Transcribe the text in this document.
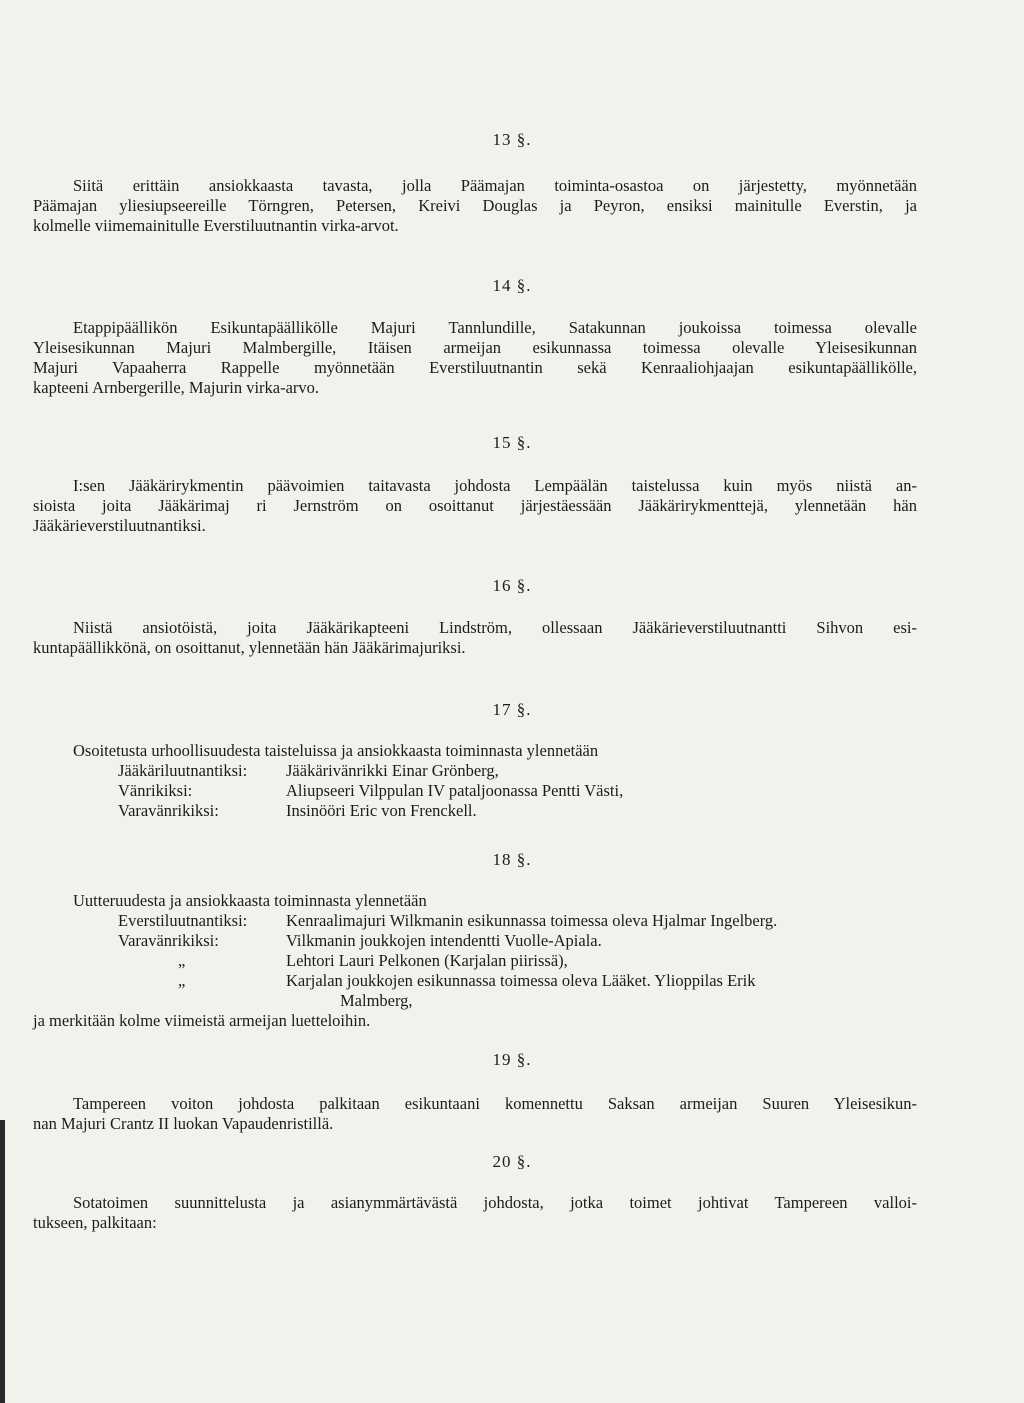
13 §.
Siitä erittäin ansiokkaasta tavasta, jolla Päämajan toiminta-osastoa on järjestetty, myönnetään
Päämajan yliesiupseereille Törngren, Petersen, Kreivi Douglas ja Peyron, ensiksi mainitulle Everstin, ja
kolmelle viimemainitulle Everstiluutnantin virka-arvot.
14 §.
Etappipäällikön Esikuntapäällikölle Majuri Tannlundille, Satakunnan joukoissa toimessa olevalle
Yleisesikunnan Majuri Malmbergille, Itäisen armeijan esikunnassa toimessa olevalle Yleisesikunnan
Majuri Vapaaherra Rappelle myönnetään Everstiluutnantin sekä Kenraaliohjaajan esikuntapäällikölle,
kapteeni Arnbergerille, Majurin virka-arvo.
15 §.
I:sen Jääkärirykmentin päävoimien taitavasta johdosta Lempäälän taistelussa kuin myös niistä an-
sioista joita Jääkärimaj ri Jernström on osoittanut järjestäessään Jääkärirykmenttejä, ylennetään hän
Jääkärieverstiluutnantiksi.
16 §.
Niistä ansiotöistä, joita Jääkärikapteeni Lindström, ollessaan Jääkärieverstiluutnantti Sihvon esi-
kuntapäällikkönä, on osoittanut, ylennetään hän Jääkärimajuriksi.
17 §.
Osoitetusta urhoollisuudesta taisteluissa ja ansiokkaasta toiminnasta ylennetään
Jääkäriluutnantiksi: Jääkärivänrikki Einar Grönberg,
Vänrikiksi:	Aliupseeri Vilppulan IV pataljoonassa Pentti Västi,
Varavänrikiksi:	Insinööri Eric von Frenckell.
18 §.
Uutteruudesta ja ansiokkaasta toiminnasta ylennetään
Everstiluutnantiksi: Kenraalimajuri Wilkmanin esikunnassa toimessa oleva Hjalmar Ingelberg.
Varavänrikiksi:	Vilkmanin joukkojen intendentti Vuolle-Apiala.
„	Lehtori Lauri Pelkonen (Karjalan piirissä),
„	Karjalan joukkojen esikunnassa toimessa oleva Lääket. Ylioppilas Erik
Malmberg,
ja merkitään kolme viimeistä armeijan luetteloihin.
19 §.
Tampereen voiton johdosta palkitaan esikuntaani komennettu Saksan armeijan Suuren Yleisesikun-
nan Majuri Crantz II luokan Vapaudenristillä.
20 §.
Sotatoimen suunnittelusta ja asianymmärtävästä johdosta, jotka toimet johtivat Tampereen valloi-
tukseen, palkitaan:
